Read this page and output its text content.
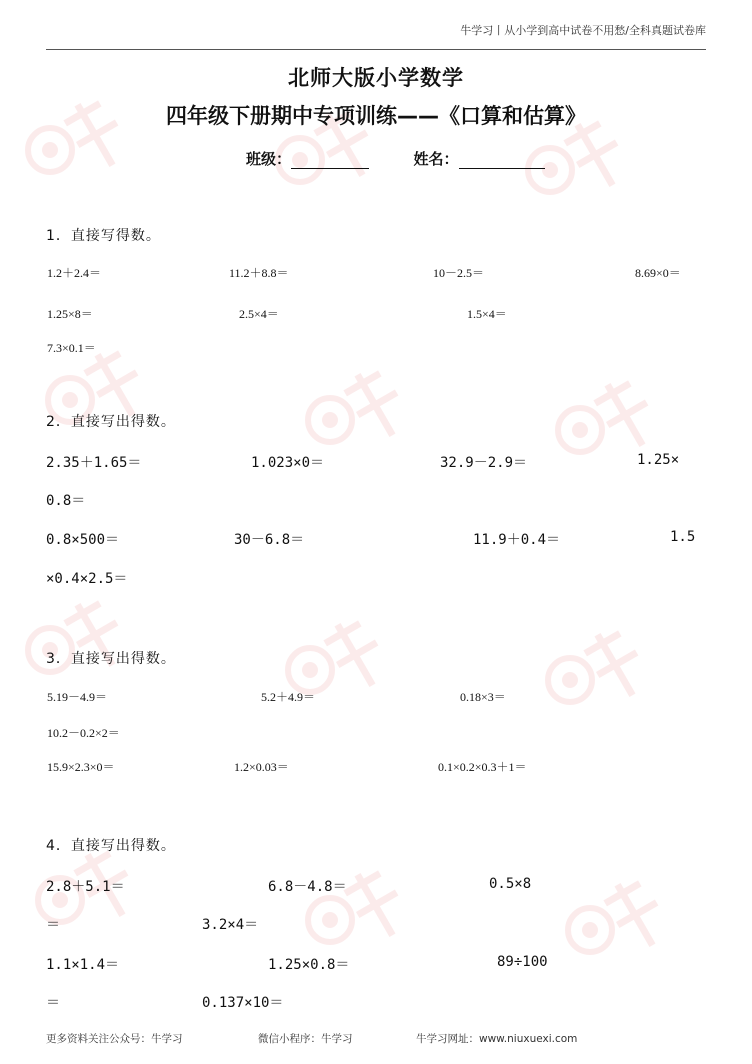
牛学习丨从小学到高中试卷不用愁/全科真题试卷库
北师大版小学数学
四年级下册期中专项训练——《口算和估算》
班级：	姓名：
1．直接写得数。
1.2＋2.4＝	11.2＋8.8＝	10－2.5＝	8.69×0＝
1.25×8＝	2.5×4＝	1.5×4＝
7.3×0.1＝
2．直接写出得数。
2.35＋1.65＝	1.023×0＝	32.9－2.9＝	1.25×
0.8＝
0.8×500＝	30－6.8＝	11.9＋0.4＝	1.5
×0.4×2.5＝
3．直接写出得数。
5.19－4.9＝	5.2＋4.9＝	0.18×3＝
10.2－0.2×2＝
15.9×2.3×0＝	1.2×0.03＝	0.1×0.2×0.3＋1＝
4．直接写出得数。
2.8＋5.1＝	6.8－4.8＝	0.5×8
＝	3.2×4＝
1.1×1.4＝	1.25×0.8＝	89÷100
＝	0.137×10＝
更多资料关注公众号：牛学习	微信小程序：牛学习	牛学习网址：www.niuxuexi.com
